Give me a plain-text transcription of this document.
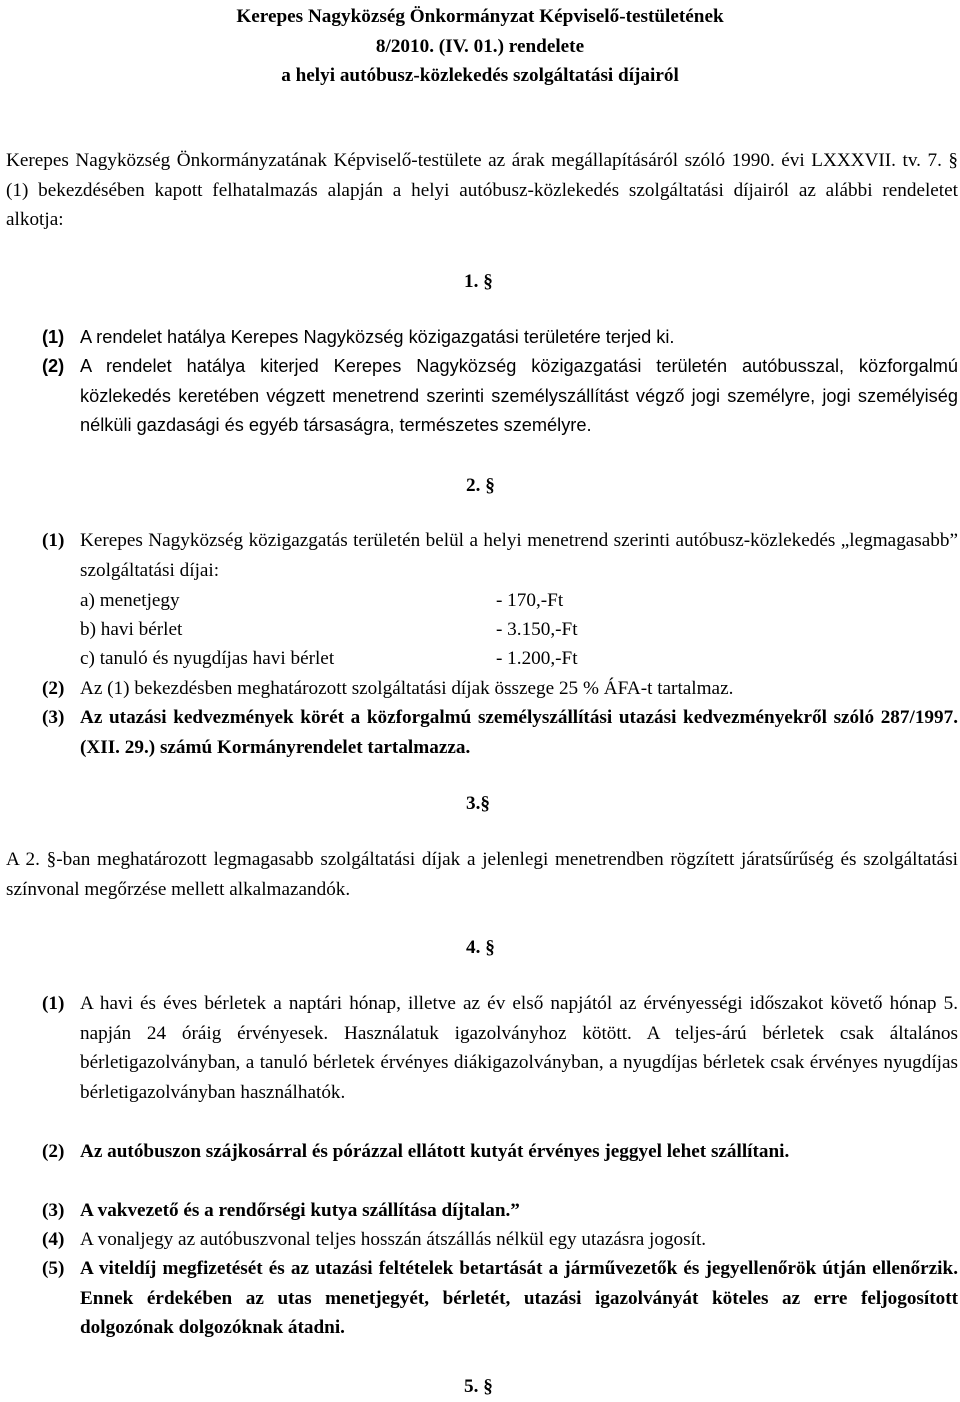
Kerepes Nagyközség Önkormányzat Képviselő-testületének
8/2010. (IV. 01.) rendelete
a helyi autóbusz-közlekedés szolgáltatási díjairól
Kerepes Nagyközség Önkormányzatának Képviselő-testülete az árak megállapításáról szóló 1990. évi LXXXVII. tv. 7. § (1) bekezdésében kapott felhatalmazás alapján a helyi autóbusz-közlekedés szolgáltatási díjairól az alábbi rendeletet alkotja:
1. §
(1) A rendelet hatálya Kerepes Nagyközség közigazgatási területére terjed ki.
(2) A rendelet hatálya kiterjed Kerepes Nagyközség közigazgatási területén autóbusszal, közforgalmú közlekedés keretében végzett menetrend szerinti személyszállítást végző jogi személyre, jogi személyiség nélküli gazdasági és egyéb társaságra, természetes személyre.
2. §
(1) Kerepes Nagyközség közigazgatás területén belül a helyi menetrend szerinti autóbusz-közlekedés „legmagasabb” szolgáltatási díjai:
a) menetjegy	- 170,-Ft
b) havi bérlet	- 3.150,-Ft
c) tanuló és nyugdíjas havi bérlet	- 1.200,-Ft
(2) Az (1) bekezdésben meghatározott szolgáltatási díjak összege 25 % ÁFA-t tartalmaz.
(3) Az utazási kedvezmények körét a közforgalmú személyszállítási utazási kedvezményekről szóló 287/1997. (XII. 29.) számú Kormányrendelet tartalmazza.
3.§
A 2. §-ban meghatározott legmagasabb szolgáltatási díjak a jelenlegi menetrendben rögzített járatsűrűség és szolgáltatási színvonal megőrzése mellett alkalmazandók.
4. §
(1) A havi és éves bérletek a naptári hónap, illetve az év első napjától az érvényességi időszakot követő hónap 5. napján 24 óráig érvényesek. Használatuk igazolványhoz kötött. A teljes-árú bérletek csak általános bérletigazolványban, a tanuló bérletek érvényes diákigazolványban, a nyugdíjas bérletek csak érvényes nyugdíjas bérletigazolványban használhatók.
(2) Az autóbuszon szájkosárral és pórázzal ellátott kutyát érvényes jeggyel lehet szállítani.
(3) A vakvezető és a rendőrségi kutya szállítása díjtalan.”
(4) A vonaljegy az autóbuszvonal teljes hosszán átszállás nélkül egy utazásra jogosít.
(5) A viteldíj megfizetését és az utazási feltételek betartását a járművezetők és jegyellenőrök útján ellenőrzik. Ennek érdekében az utas menetjegyét, bérletét, utazási igazolványát köteles az erre feljogosított dolgozónak dolgozóknak átadni.
5. §
